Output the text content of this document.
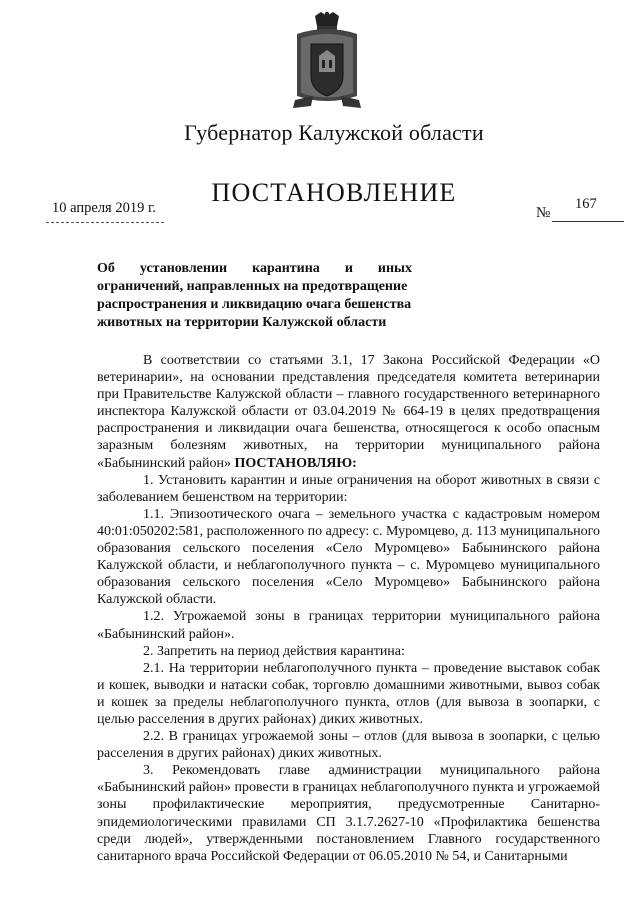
Губернатор Калужской области
ПОСТАНОВЛЕНИЕ
10 апреля 2019 г.	№
167
Об установлении карантина и иных
ограничений, направленных на предотвращение распространения и ликвидацию очага бешенства животных на территории Калужской области

В соответствии со статьями 3.1, 17 Закона Российской Федерации «О ветеринарии», на основании представления председателя комитета ветеринарии при Правительстве Калужской области – главного государственного ветеринарного инспектора Калужской области от 03.04.2019 № 664-19 в целях предотвращения распространения и ликвидации очага бешенства, относящегося к особо опасным заразным болезням животных, на территории муниципального района «Бабынинский район» ПОСТАНОВЛЯЮ:

1. Установить карантин и иные ограничения на оборот животных в связи с заболеванием бешенством на территории:

1.1. Эпизоотического очага – земельного участка с кадастровым номером 40:01:050202:581, расположенного по адресу: с. Муромцево, д. 113 муниципального образования сельского поселения «Село Муромцево» Бабынинского района Калужской области, и неблагополучного пункта – с. Муромцево муниципального образования сельского поселения «Село Муромцево» Бабынинского района Калужской области.

1.2. Угрожаемой зоны в границах территории муниципального района «Бабынинский район».

2. Запретить на период действия карантина:

2.1. На территории неблагополучного пункта – проведение выставок собак и кошек, выводки и натаски собак, торговлю домашними животными, вывоз собак и кошек за пределы неблагополучного пункта, отлов (для вывоза в зоопарки, с целью расселения в других районах) диких животных.

2.2. В границах угрожаемой зоны – отлов (для вывоза в зоопарки, с целью расселения в других районах) диких животных.

3. Рекомендовать главе администрации муниципального района «Бабынинский район» провести в границах неблагополучного пункта и угрожаемой зоны профилактические мероприятия, предусмотренные Санитарно-эпидемиологическими правилами СП 3.1.7.2627-10 «Профилактика бешенства среди людей», утвержденными постановлением Главного государственного санитарного врача Российской Федерации от 06.05.2010 № 54, и Санитарными
